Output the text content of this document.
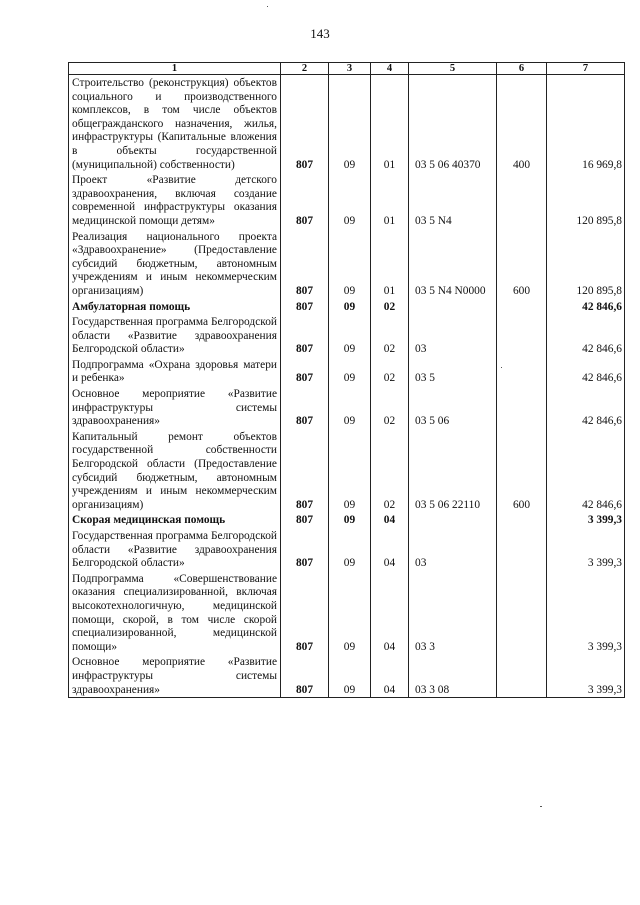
143
1	2	3	4	5	6	7
Строительство (реконструкция) объектов социального и производственного комплексов, в том числе объектов общегражданского назначения, жилья, инфраструктуры (Капитальные вложения в объекты государственной (муниципальной) собственности)	807	09	01	03 5 06 40370	400	16 969,8
Проект «Развитие детского здравоохранения, включая создание современной инфраструктуры оказания медицинской помощи детям»	807	09	01	03 5 N4		120 895,8
Реализация национального проекта «Здравоохранение» (Предоставление субсидий бюджетным, автономным учреждениям и иным некоммерческим организациям)	807	09	01	03 5 N4 N0000	600	120 895,8
Амбулаторная помощь	807	09	02			42 846,6
Государственная программа Белгородской области «Развитие здравоохранения Белгородской области»	807	09	02	03		42 846,6
Подпрограмма «Охрана здоровья матери и ребенка»	807	09	02	03 5		42 846,6
Основное мероприятие «Развитие инфраструктуры системы здравоохранения»	807	09	02	03 5 06		42 846,6
Капитальный ремонт объектов государственной собственности Белгородской области (Предоставление субсидий бюджетным, автономным учреждениям и иным некоммерческим организациям)	807	09	02	03 5 06 22110	600	42 846,6
Скорая медицинская помощь	807	09	04			3 399,3
Государственная программа Белгородской области «Развитие здравоохранения Белгородской области»	807	09	04	03		3 399,3
Подпрограмма «Совершенствование оказания специализированной, включая высокотехнологичную, медицинской помощи, скорой, в том числе скорой специализированной, медицинской помощи»	807	09	04	03 3		3 399,3
Основное мероприятие «Развитие инфраструктуры системы здравоохранения»	807	09	04	03 3 08		3 399,3
